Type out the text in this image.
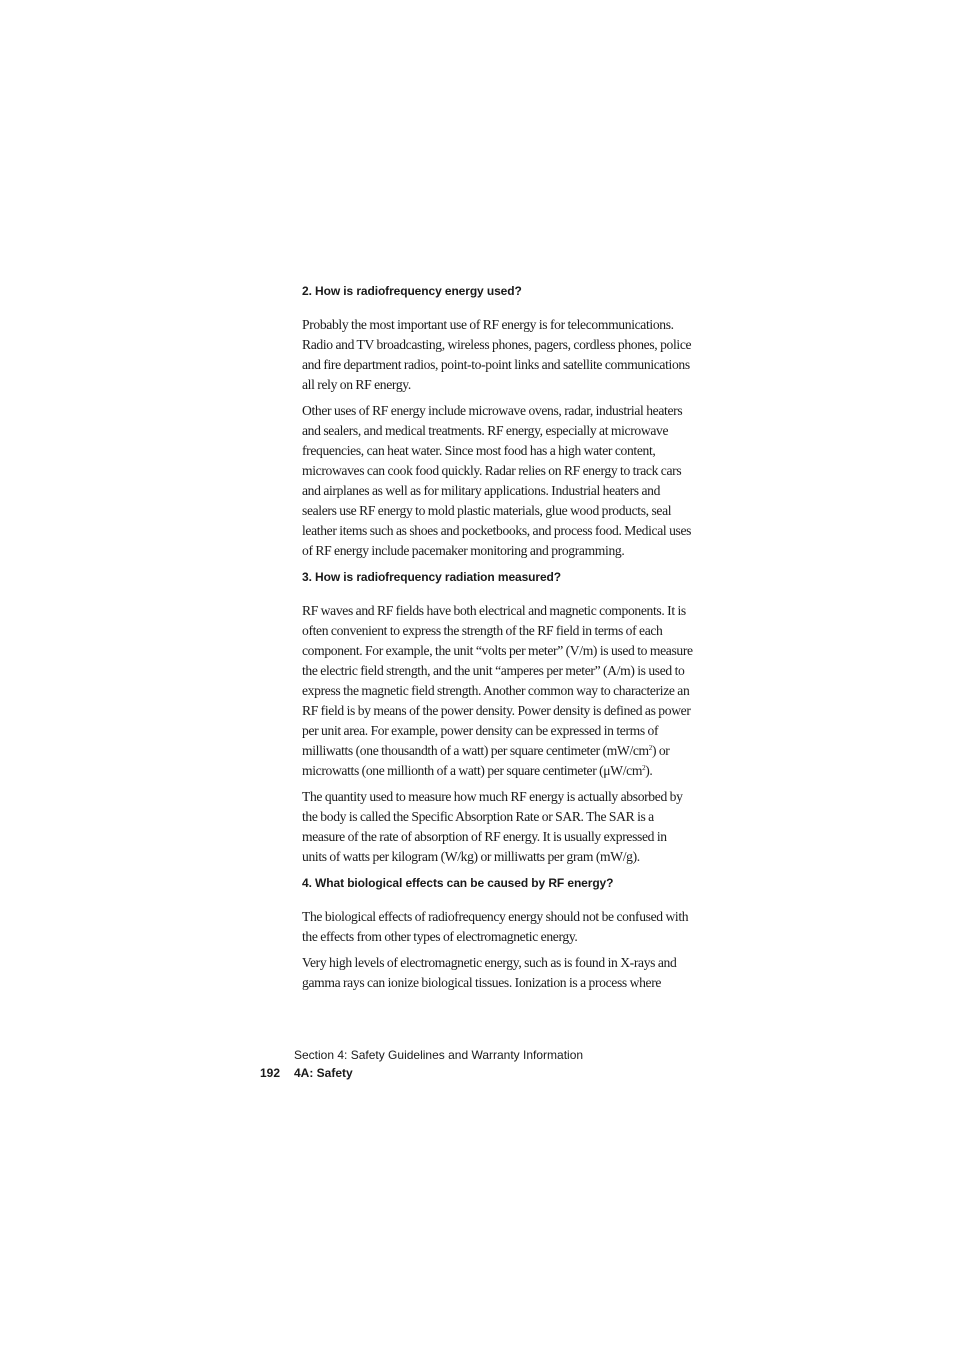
2. How is radiofrequency energy used?

Probably the most important use of RF energy is for telecommunications. Radio and TV broadcasting, wireless phones, pagers, cordless phones, police and fire department radios, point-to-point links and satellite communications all rely on RF energy.

Other uses of RF energy include microwave ovens, radar, industrial heaters and sealers, and medical treatments. RF energy, especially at microwave frequencies, can heat water. Since most food has a high water content, microwaves can cook food quickly. Radar relies on RF energy to track cars and airplanes as well as for military applications. Industrial heaters and sealers use RF energy to mold plastic materials, glue wood products, seal leather items such as shoes and pocketbooks, and process food. Medical uses of RF energy include pacemaker monitoring and programming.

3. How is radiofrequency radiation measured?

RF waves and RF fields have both electrical and magnetic components. It is often convenient to express the strength of the RF field in terms of each component. For example, the unit “volts per meter” (V/m) is used to measure the electric field strength, and the unit “amperes per meter” (A/m) is used to express the magnetic field strength. Another common way to characterize an RF field is by means of the power density. Power density is defined as power per unit area. For example, power density can be expressed in terms of milliwatts (one thousandth of a watt) per square centimeter $(mW/cm^2)$ or microwatts (one millionth of a watt) per square centimeter $(\mu W/cm^2)$.

The quantity used to measure how much RF energy is actually absorbed by the body is called the Specific Absorption Rate or SAR. The SAR is a measure of the rate of absorption of RF energy. It is usually expressed in units of watts per kilogram (W/kg) or milliwatts per gram (mW/g).

4. What biological effects can be caused by RF energy?

The biological effects of radiofrequency energy should not be confused with the effects from other types of electromagnetic energy.

Very high levels of electromagnetic energy, such as is found in X-rays and gamma rays can ionize biological tissues. Ionization is a process where

Section 4: Safety Guidelines and Warranty Information
192 4A: Safety
